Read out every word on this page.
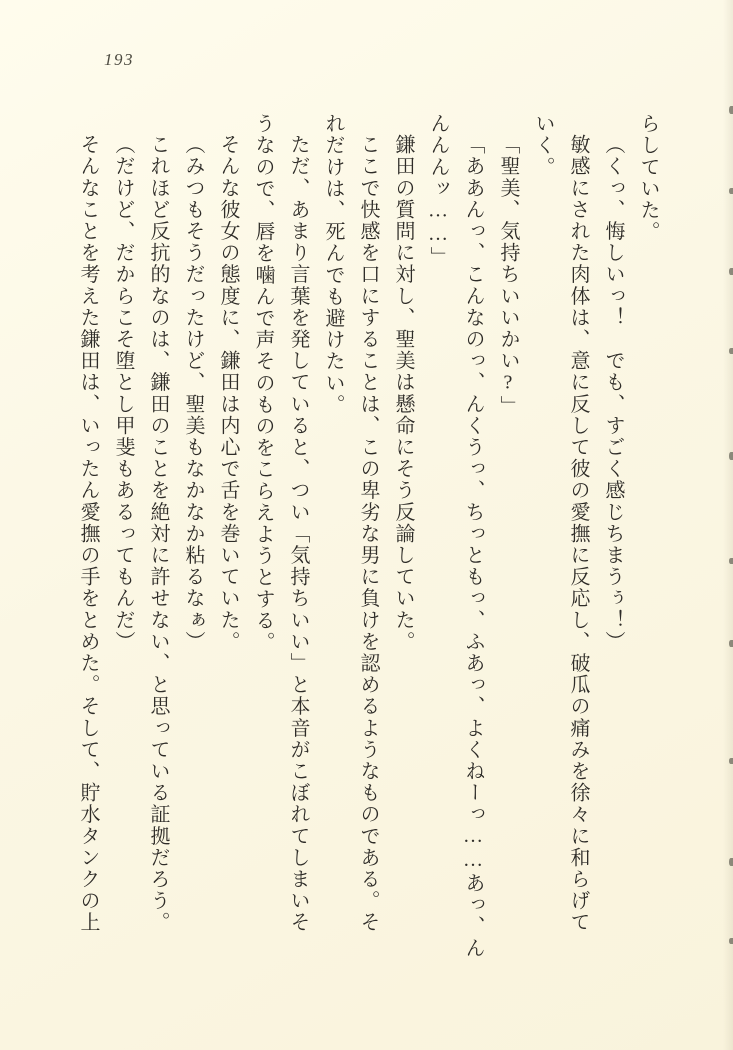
193

らしていた。

（くっ、悔しいっ！　でも、すごく感じちまうぅ！）

敏感にされた肉体は、意に反して彼の愛撫に反応し、破瓜の痛みを徐々に和らげて

いく。

「聖美、気持ちいいかい?」

「ああんっ、こんなのっ、んくうっ、ちっともっ、ふあっ、よくねーっ……あっ、ん

んんんッ……」

鎌田の質問に対し、聖美は懸命にそう反論していた。

ここで快感を口にすることは、この卑劣な男に負けを認めるようなものである。そ

れだけは、死んでも避けたい。

ただ、あまり言葉を発していると、つい「気持ちいい」と本音がこぼれてしまいそ

うなので、唇を噛んで声そのものをこらえようとする。

そんな彼女の態度に、鎌田は内心で舌を巻いていた。

（みつもそうだったけど、聖美もなかなか粘るなぁ）

これほど反抗的なのは、鎌田のことを絶対に許せない、と思っている証拠だろう。

（だけど、だからこそ堕とし甲斐もあるってもんだ）

そんなことを考えた鎌田は、いったん愛撫の手をとめた。そして、貯水タンクの上
